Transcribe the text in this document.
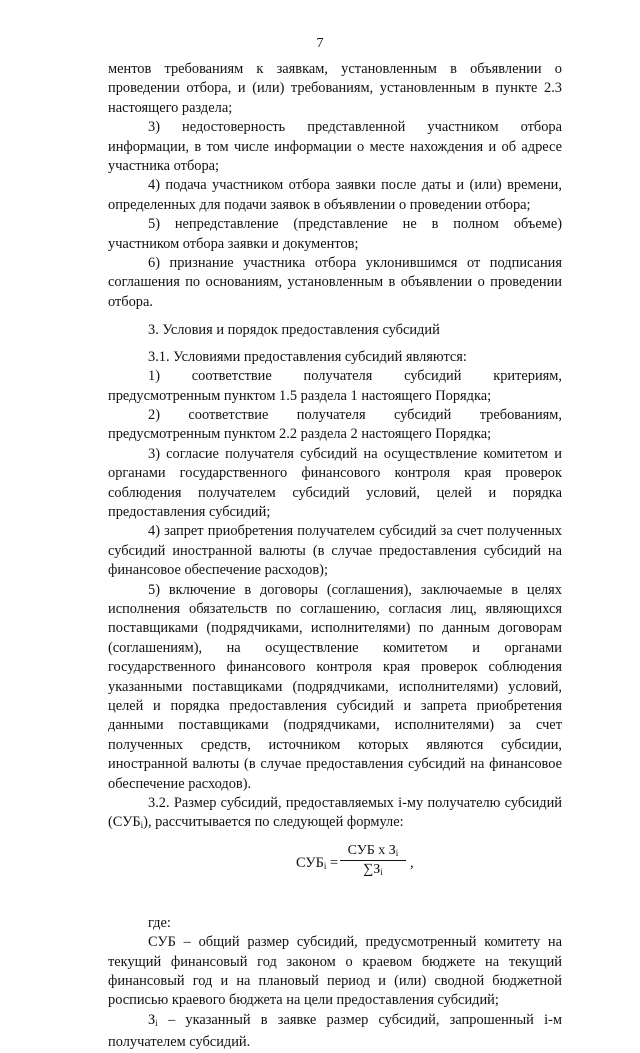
7

ментов требованиям к заявкам, установленным в объявлении о проведении отбора, и (или) требованиям, установленным в пункте 2.3 настоящего раздела;

3) недостоверность представленной участником отбора информации, в том числе информации о месте нахождения и об адресе участника отбора;

4) подача участником отбора заявки после даты и (или) времени, определенных для подачи заявок в объявлении о проведении отбора;

5) непредставление (представление не в полном объеме) участником отбора заявки и документов;

6) признание участника отбора уклонившимся от подписания соглашения по основаниям, установленным в объявлении о проведении отбора.

3. Условия и порядок предоставления субсидий

3.1. Условиями предоставления субсидий являются:

1) соответствие получателя субсидий критериям, предусмотренным пунктом 1.5 раздела 1 настоящего Порядка;

2) соответствие получателя субсидий требованиям, предусмотренным пунктом 2.2 раздела 2 настоящего Порядка;

3) согласие получателя субсидий на осуществление комитетом и органами государственного финансового контроля края проверок соблюдения получателем субсидий условий, целей и порядка предоставления субсидий;

4) запрет приобретения получателем субсидий за счет полученных субсидий иностранной валюты (в случае предоставления субсидий на финансовое обеспечение расходов);

5) включение в договоры (соглашения), заключаемые в целях исполнения обязательств по соглашению, согласия лиц, являющихся поставщиками (подрядчиками, исполнителями) по данным договорам (соглашениям), на осуществление комитетом и органами государственного финансового контроля края проверок соблюдения указанными поставщиками (подрядчиками, исполнителями) условий, целей и порядка предоставления субсидий и запрета приобретения данными поставщиками (подрядчиками, исполнителями) за счет полученных средств, источником которых являются субсидии, иностранной валюты (в случае предоставления субсидий на финансовое обеспечение расходов).

3.2. Размер субсидий, предоставляемых i-му получателю субсидий $(СУБ_i)$, рассчитывается по следующей формуле:

$СУБ_i$ =
СУБ х $З_i$
$\sum З_i$
,

где:

СУБ – общий размер субсидий, предусмотренный комитету на текущий финансовый год законом о краевом бюджете на текущий финансовый год и на плановый период и (или) сводной бюджетной росписью краевого бюджета на цели предоставления субсидий;

$З_i$ – указанный в заявке размер субсидий, запрошенный i-м получателем субсидий.
